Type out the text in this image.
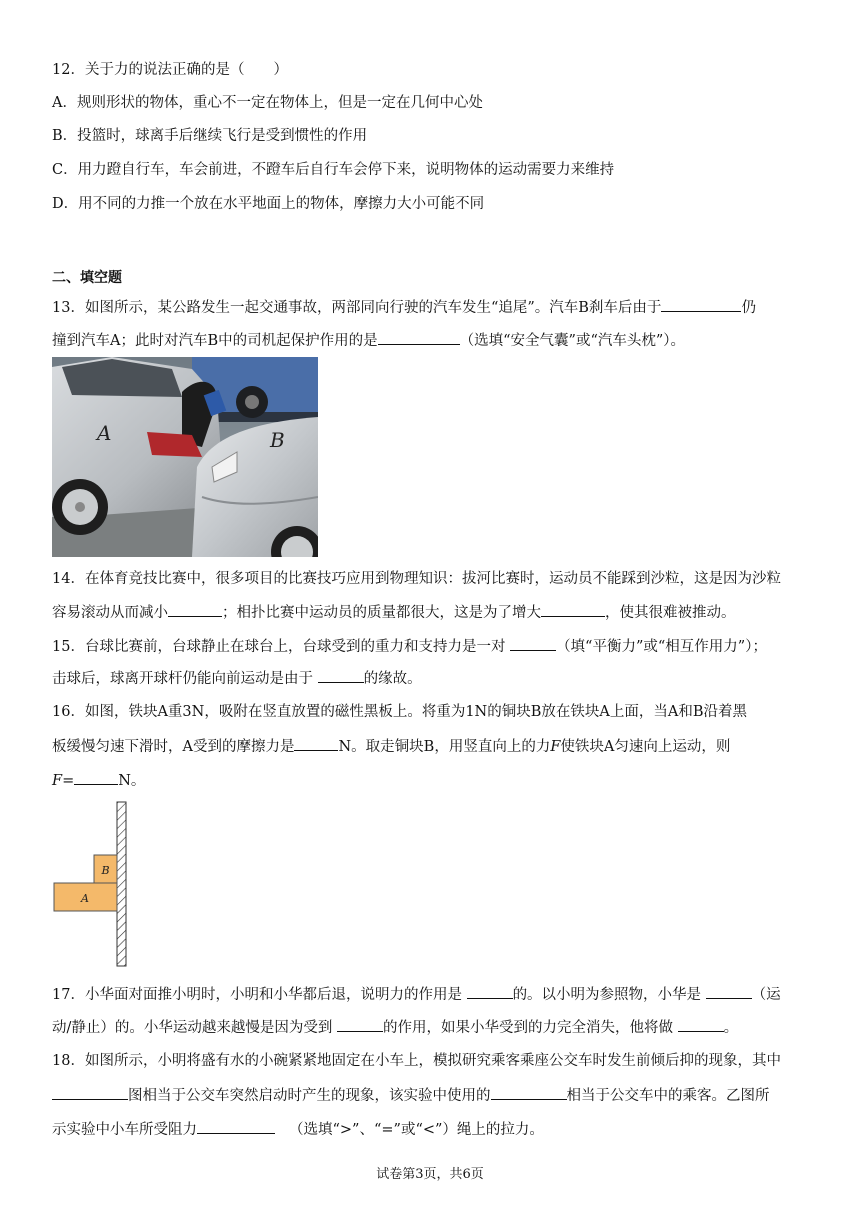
12．关于力的说法正确的是（　　）
A．规则形状的物体，重心不一定在物体上，但是一定在几何中心处
B．投篮时，球离手后继续飞行是受到惯性的作用
C．用力蹬自行车，车会前进，不蹬车后自行车会停下来，说明物体的运动需要力来维持
D．用不同的力推一个放在水平地面上的物体，摩擦力大小可能不同
二、填空题
13．如图所示，某公路发生一起交通事故，两部同向行驶的汽车发生“追尾”。汽车B刹车后由于	仍
撞到汽车A；此时对汽车B中的司机起保护作用的是	（选填“安全气囊”或“汽车头枕”）。
A	B
14．在体育竞技比赛中，很多项目的比赛技巧应用到物理知识：拔河比赛时，运动员不能踩到沙粒，这是因为沙粒
容易滚动从而减小	；相扑比赛中运动员的质量都很大，这是为了增大	，使其很难被推动。
15．台球比赛前，台球静止在球台上，台球受到的重力和支持力是一对	（填“平衡力”或“相互作用力”）；
击球后，球离开球杆仍能向前运动是由于	的缘故。
16．如图，铁块A重3N，吸附在竖直放置的磁性黑板上。将重为1N的铜块B放在铁块A上面，当A和B沿着黑
板缓慢匀速下滑时，A受到的摩擦力是	N。取走铜块B，用竖直向上的力F使铁块A匀速向上运动，则
F=	N。
B
A
17．小华面对面推小明时，小明和小华都后退，说明力的作用是	的。以小明为参照物，小华是	（运
动/静止）的。小华运动越来越慢是因为受到	的作用，如果小华受到的力完全消失，他将做	。
18．如图所示，小明将盛有水的小碗紧紧地固定在小车上，模拟研究乘客乘座公交车时发生前倾后抑的现象，其中
图相当于公交车突然启动时产生的现象，该实验中使用的	相当于公交车中的乘客。乙图所
示实验中小车所受阻力	（选填“>”、“=”或“<”）绳上的拉力。
试卷第3页，共6页
